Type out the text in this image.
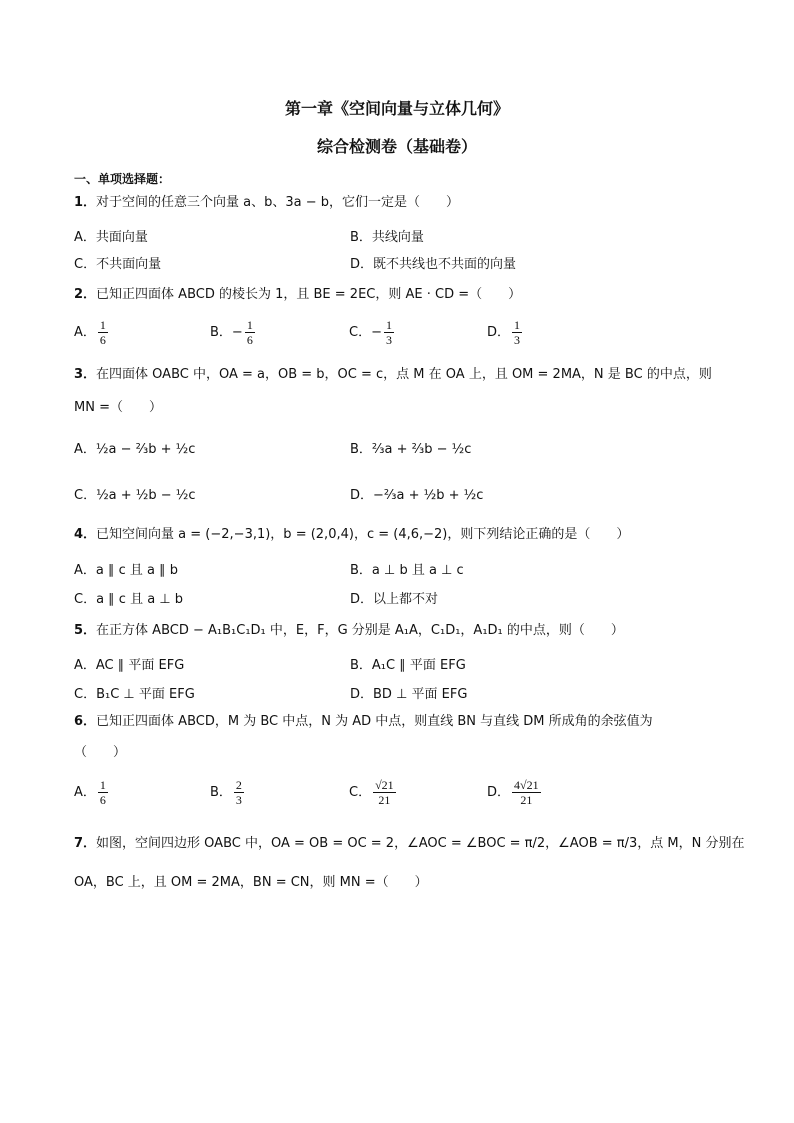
第一章《空间向量与立体几何》
综合检测卷（基础卷）
一、单项选择题：
1．对于空间的任意三个向量 a、b、3a − b，它们一定是（　　）
A．共面向量	B．共线向量
C．不共面向量	D．既不共线也不共面的向量
2．已知正四面体 ABCD 的棱长为 1，且 BE = 2EC，则 AE · CD =（　　）
A． $\frac{1}{6}$	B．− $\frac{1}{6}$	C．− $\frac{1}{3}$	D． $\frac{1}{3}$
3．在四面体 OABC 中，OA = a，OB = b，OC = c，点 M 在 OA 上，且 OM = 2MA，N 是 BC 的中点，则
MN =（　　）
A．½a − ⅔b + ½c	B．⅔a + ⅔b − ½c
C．½a + ½b − ½c	D．−⅔a + ½b + ½c
4．已知空间向量 a = (−2,−3,1)，b = (2,0,4)，c = (4,6,−2)，则下列结论正确的是（　　）
A．a ∥ c 且 a ∥ b	B．a ⊥ b 且 a ⊥ c
C．a ∥ c 且 a ⊥ b	D．以上都不对
5．在正方体 ABCD − A₁B₁C₁D₁ 中，E，F，G 分别是 A₁A，C₁D₁，A₁D₁ 的中点，则（　　）
A．AC ∥ 平面 EFG	B．A₁C ∥ 平面 EFG
C．B₁C ⊥ 平面 EFG	D．BD ⊥ 平面 EFG
6．已知正四面体 ABCD，M 为 BC 中点，N 为 AD 中点，则直线 BN 与直线 DM 所成角的余弦值为
（　　）
A． $\frac{1}{6}$	B． $\frac{2}{3}$	C． $\frac{√21}{21}$	D． $\frac{4√21}{21}$
7．如图，空间四边形 OABC 中，OA = OB = OC = 2，∠AOC = ∠BOC = π/2，∠AOB = π/3，点 M，N 分别在
OA，BC 上，且 OM = 2MA，BN = CN，则 MN =（　　）
